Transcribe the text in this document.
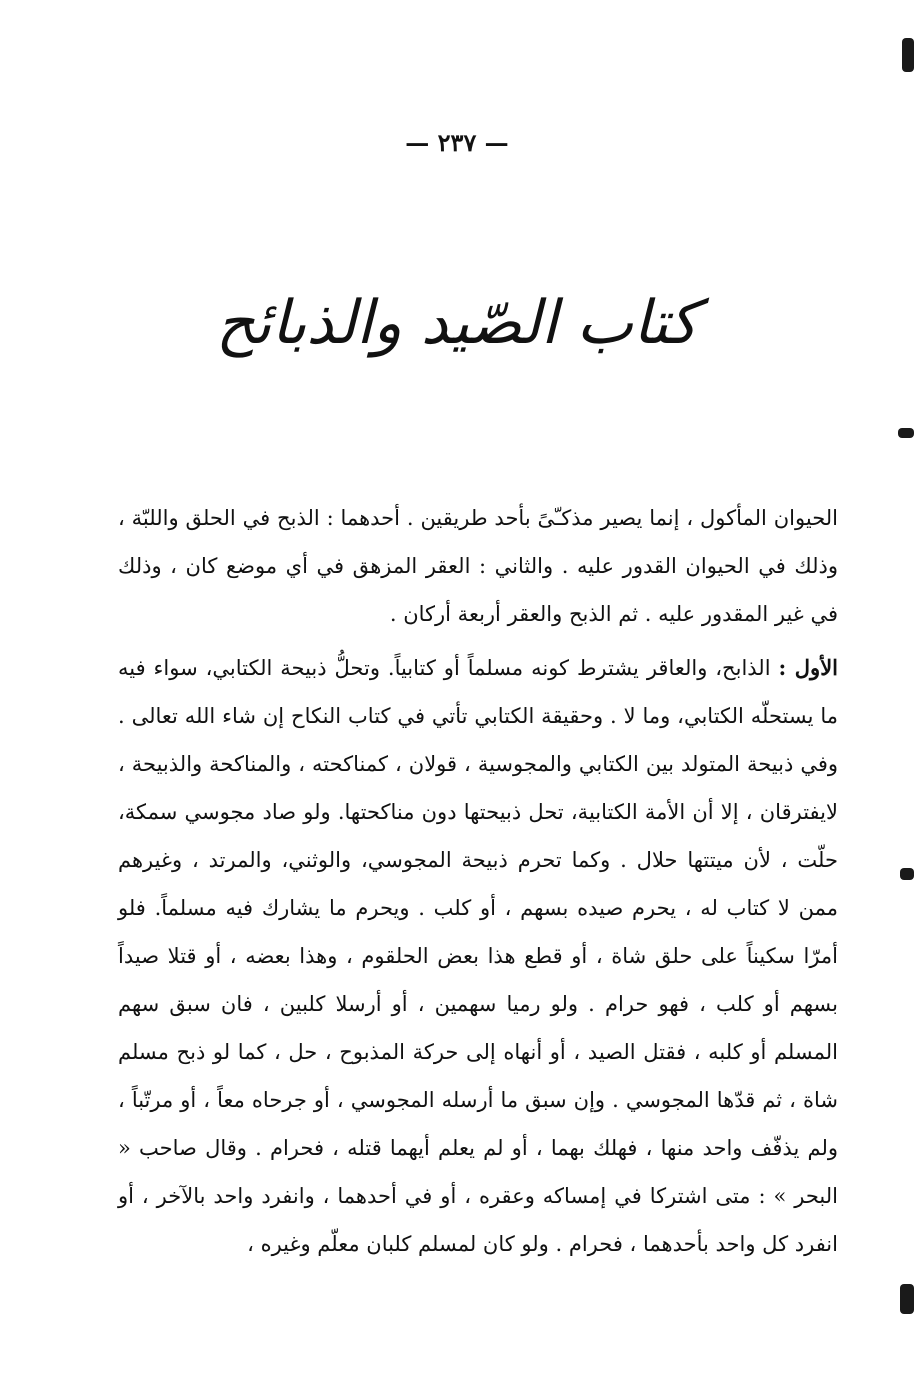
— ٢٣٧ —
كتاب الصّيد والذبائح

الحيوان المأكول ، إنما يصير مذكـّىً بأحد طريقين . أحدهما : الذبح في الحلق واللبّة ، وذلك في الحيوان القدور عليه . والثاني : العقر المزهق في أي موضع كان ، وذلك في غير المقدور عليه . ثم الذبح والعقر أربعة أركان .

الأول : الذابح، والعاقر يشترط كونه مسلماً أو كتابياً. وتحلُّ ذبيحة الكتابي، سواء فيه ما يستحلّه الكتابي، وما لا . وحقيقة الكتابي تأتي في كتاب النكاح إن شاء الله تعالى . وفي ذبيحة المتولد بين الكتابي والمجوسية ، قولان ، كمناكحته ، والمناكحة والذبيحة ، لايفترقان ، إلا أن الأمة الكتابية، تحل ذبيحتها دون مناكحتها. ولو صاد مجوسي سمكة، حلّت ، لأن ميتتها حلال . وكما تحرم ذبيحة المجوسي، والوثني، والمرتد ، وغيرهم ممن لا كتاب له ، يحرم صيده بسهم ، أو كلب . ويحرم ما يشارك فيه مسلماً. فلو أمرّا سكيناً على حلق شاة ، أو قطع هذا بعض الحلقوم ، وهذا بعضه ، أو قتلا صيداً بسهم أو كلب ، فهو حرام . ولو رميا سهمين ، أو أرسلا كلبين ، فان سبق سهم المسلم أو كلبه ، فقتل الصيد ، أو أنهاه إلى حركة المذبوح ، حل ، كما لو ذبح مسلم شاة ، ثم قدّها المجوسي . وإن سبق ما أرسله المجوسي ، أو جرحاه معاً ، أو مرتّباً ، ولم يذفّف واحد منها ، فهلك بهما ، أو لم يعلم أيهما قتله ، فحرام . وقال صاحب « البحر » : متى اشتركا في إمساكه وعقره ، أو في أحدهما ، وانفرد واحد بالآخر ، أو انفرد كل واحد بأحدهما ، فحرام . ولو كان لمسلم كلبان معلّم وغيره ،
